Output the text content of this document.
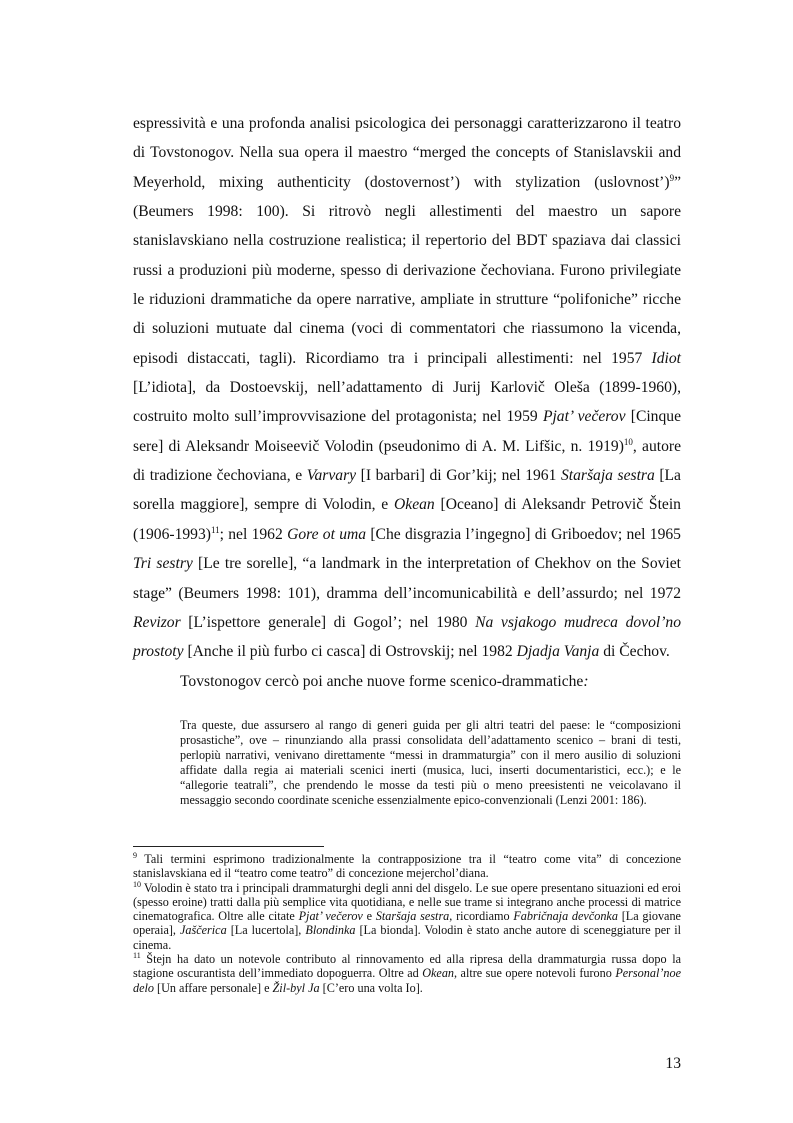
espressività e una profonda analisi psicologica dei personaggi caratterizzarono il teatro di Tovstonogov. Nella sua opera il maestro “merged the concepts of Stanislavskii and Meyerhold, mixing authenticity (dostovernost’) with stylization (uslovnost’)$^9$” (Beumers 1998: 100). Si ritrovò negli allestimenti del maestro un sapore stanislavskiano nella costruzione realistica; il repertorio del BDT spaziava dai classici russi a produzioni più moderne, spesso di derivazione čechoviana. Furono privilegiate le riduzioni drammatiche da opere narrative, ampliate in strutture “polifoniche” ricche di soluzioni mutuate dal cinema (voci di commentatori che riassumono la vicenda, episodi distaccati, tagli). Ricordiamo tra i principali allestimenti: nel 1957 Idiot [L’idiota], da Dostoevskij, nell’adattamento di Jurij Karlovič Oleša (1899-1960), costruito molto sull’improvvisazione del protagonista; nel 1959 Pjat’ večerov [Cinque sere] di Aleksandr Moiseevič Volodin (pseudonimo di A. M. Lifšic, n. 1919)$^{10}$, autore di tradizione čechoviana, e Varvary [I barbari] di Gor’kij; nel 1961 Staršaja sestra [La sorella maggiore], sempre di Volodin, e Okean [Oceano] di Aleksandr Petrovič Štein (1906-1993)$^{11}$; nel 1962 Gore ot uma [Che disgrazia l’ingegno] di Griboedov; nel 1965 Tri sestry [Le tre sorelle], “a landmark in the interpretation of Chekhov on the Soviet stage” (Beumers 1998: 101), dramma dell’incomunicabilità e dell’assurdo; nel 1972 Revizor [L’ispettore generale] di Gogol’; nel 1980 Na vsjakogo mudreca dovol’no prostoty [Anche il più furbo ci casca] di Ostrovskij; nel 1982 Djadja Vanja di Čechov.

Tovstonogov cercò poi anche nuove forme scenico-drammatiche:

Tra queste, due assursero al rango di generi guida per gli altri teatri del paese: le “composizioni prosastiche”, ove – rinunziando alla prassi consolidata dell’adattamento scenico – brani di testi, perlopiù narrativi, venivano direttamente “messi in drammaturgia” con il mero ausilio di soluzioni affidate dalla regia ai materiali scenici inerti (musica, luci, inserti documentaristici, ecc.); e le “allegorie teatrali”, che prendendo le mosse da testi più o meno preesistenti ne veicolavano il messaggio secondo coordinate sceniche essenzialmente epico-convenzionali (Lenzi 2001: 186).

$^9$ Tali termini esprimono tradizionalmente la contrapposizione tra il “teatro come vita” di concezione stanislavskiana ed il “teatro come teatro” di concezione mejerchol’diana.

$^{10}$ Volodin è stato tra i principali drammaturghi degli anni del disgelo. Le sue opere presentano situazioni ed eroi (spesso eroine) tratti dalla più semplice vita quotidiana, e nelle sue trame si integrano anche processi di matrice cinematografica. Oltre alle citate Pjat’ večerov e Staršaja sestra, ricordiamo Fabričnaja devčonka [La giovane operaia], Jaščerica [La lucertola], Blondinka [La bionda]. Volodin è stato anche autore di sceneggiature per il cinema.

$^{11}$ Štejn ha dato un notevole contributo al rinnovamento ed alla ripresa della drammaturgia russa dopo la stagione oscurantista dell’immediato dopoguerra. Oltre ad Okean, altre sue opere notevoli furono Personal’noe delo [Un affare personale] e Žil-byl Ja [C’ero una volta Io].

13
